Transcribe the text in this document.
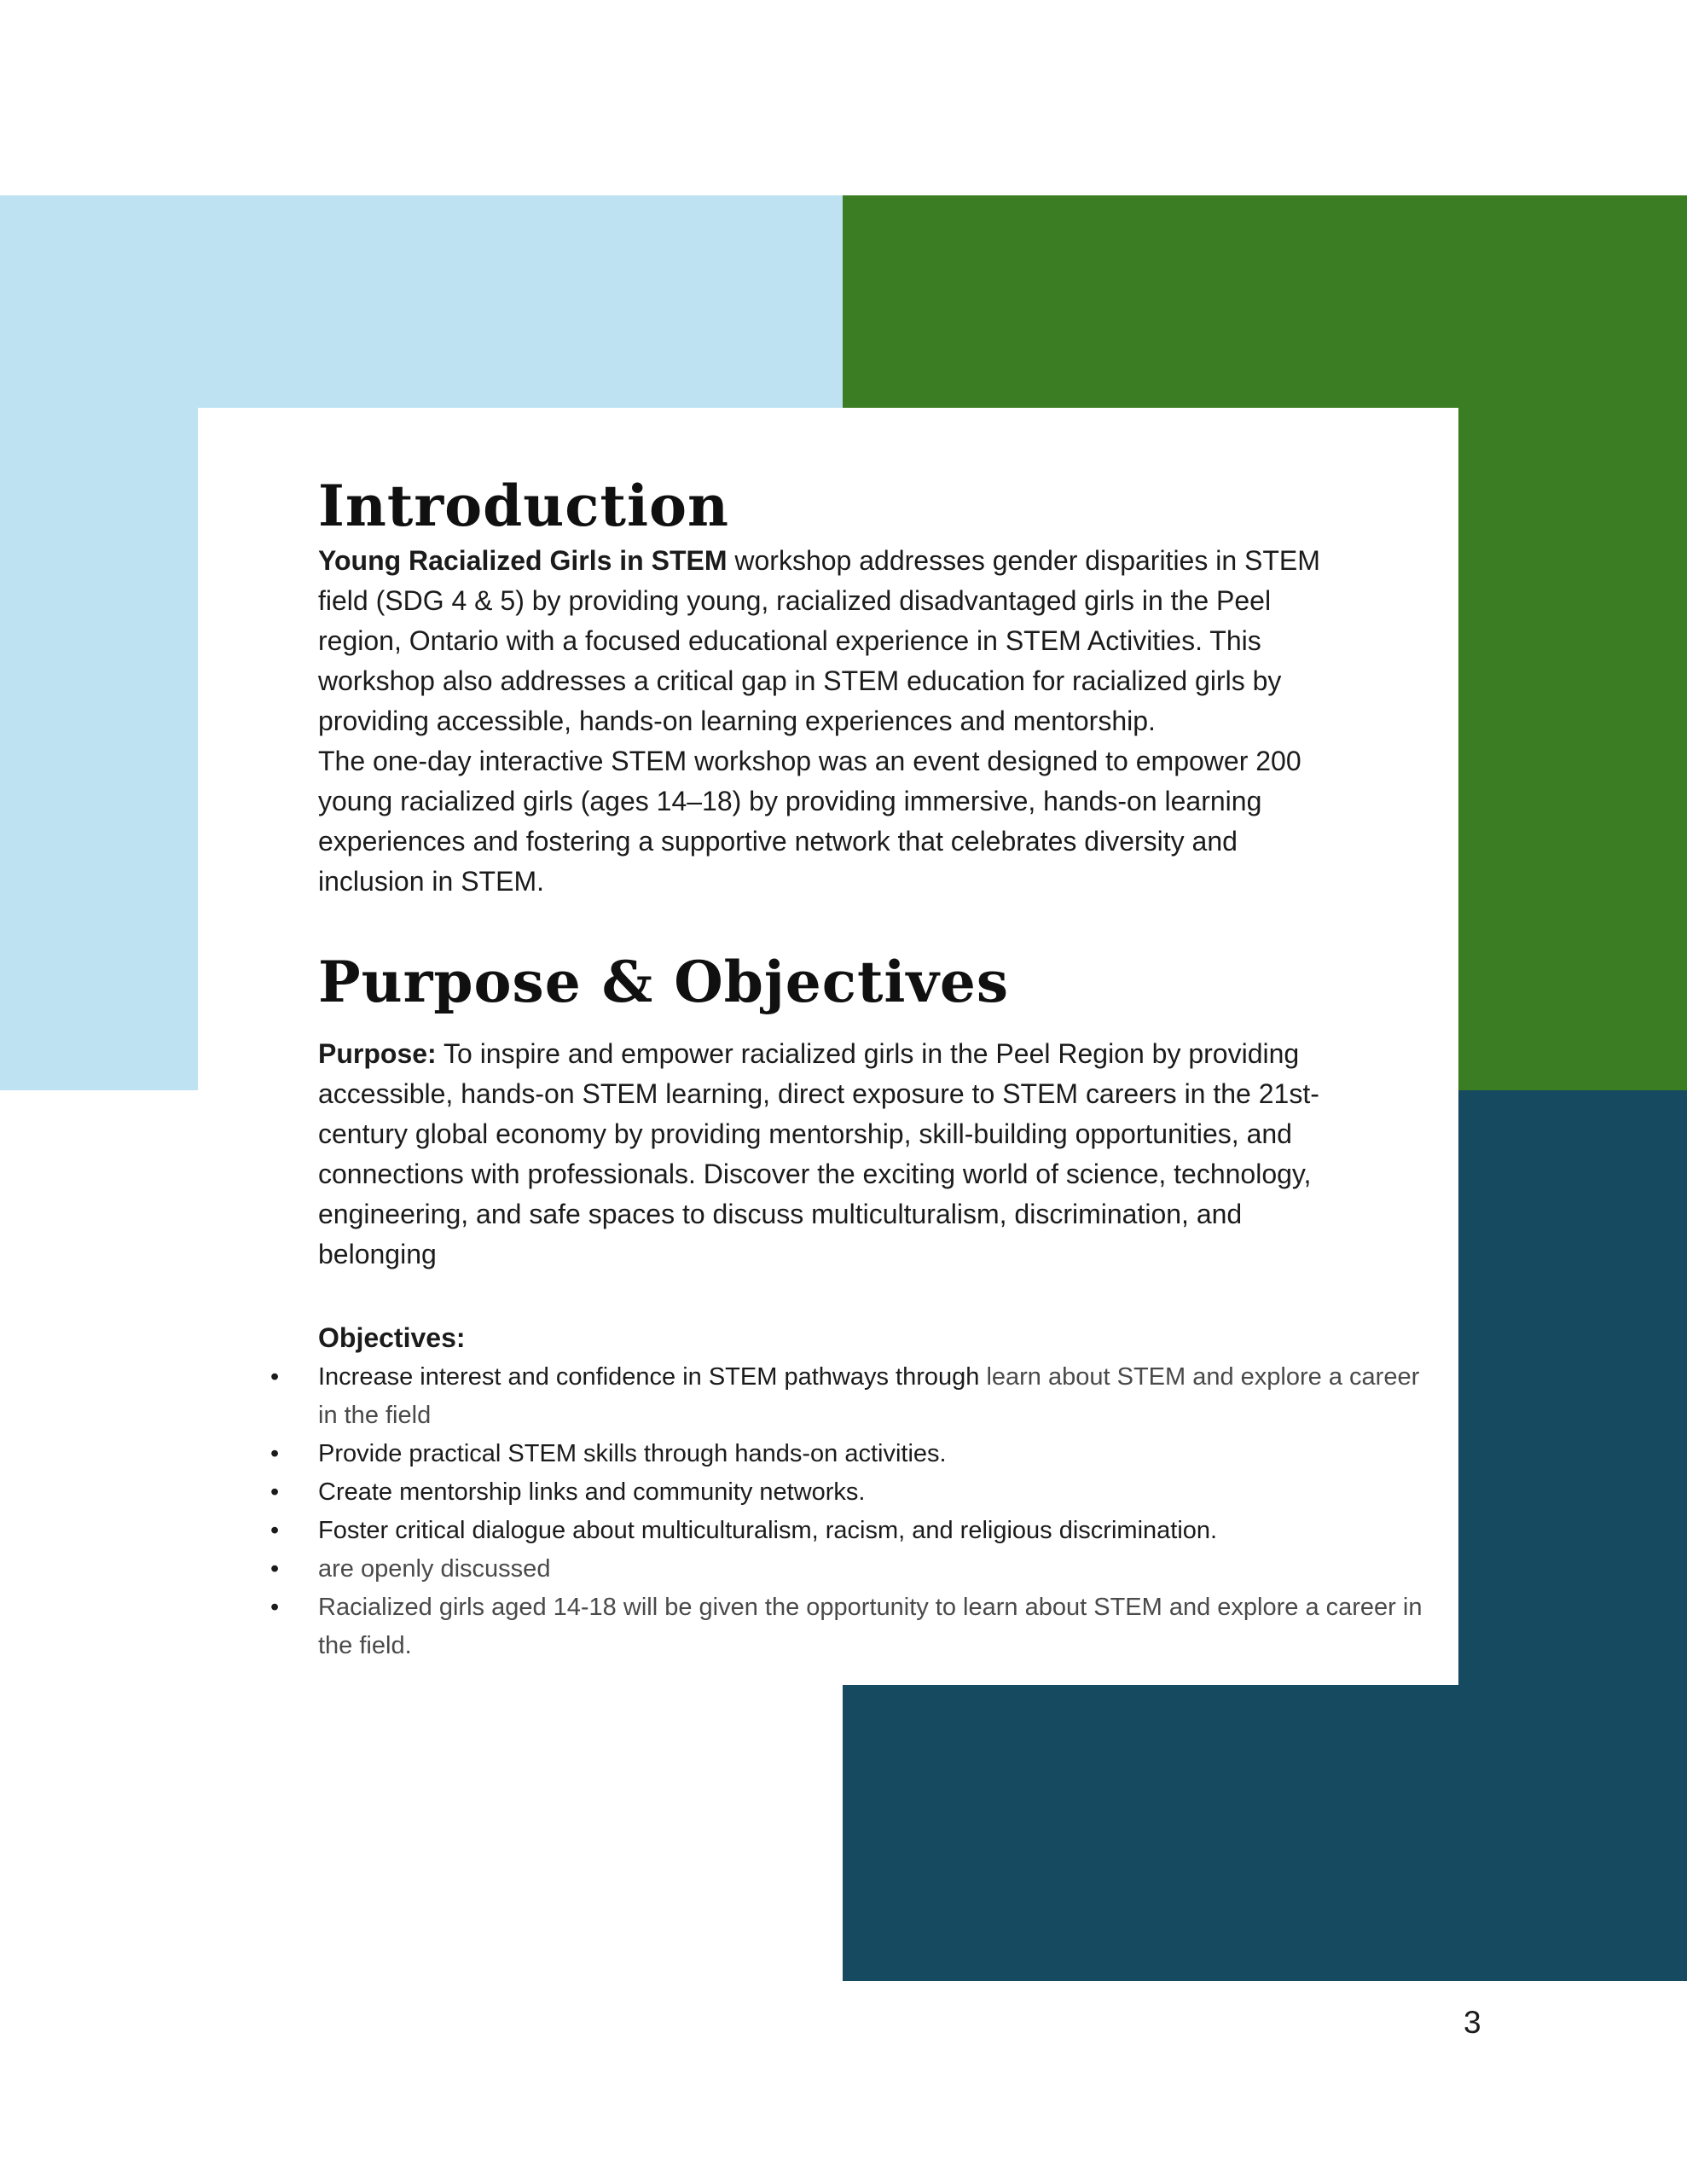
Introduction
Young Racialized Girls in STEM workshop addresses gender disparities in STEM
field (SDG 4 & 5) by providing young, racialized disadvantaged girls in the Peel
region, Ontario with a focused educational experience in STEM Activities. This
workshop also addresses a critical gap in STEM education for racialized girls by
providing accessible, hands-on learning experiences and mentorship.
The one-day interactive STEM workshop was an event designed to empower 200
young racialized girls (ages 14–18) by providing immersive, hands-on learning
experiences and fostering a supportive network that celebrates diversity and
inclusion in STEM.
Purpose & Objectives
Purpose: To inspire and empower racialized girls in the Peel Region by providing
accessible, hands-on STEM learning, direct exposure to STEM careers in the 21st-
century global economy by providing mentorship, skill-building opportunities, and
connections with professionals. Discover the exciting world of science, technology,
engineering, and safe spaces to discuss multiculturalism, discrimination, and
belonging
Objectives:
• Increase interest and confidence in STEM pathways through learn about STEM and explore a career in the field
• Provide practical STEM skills through hands-on activities.
• Create mentorship links and community networks.
• Foster critical dialogue about multiculturalism, racism, and religious discrimination.
• are openly discussed
• Racialized girls aged 14-18 will be given the opportunity to learn about STEM and explore a career in the field.
3
